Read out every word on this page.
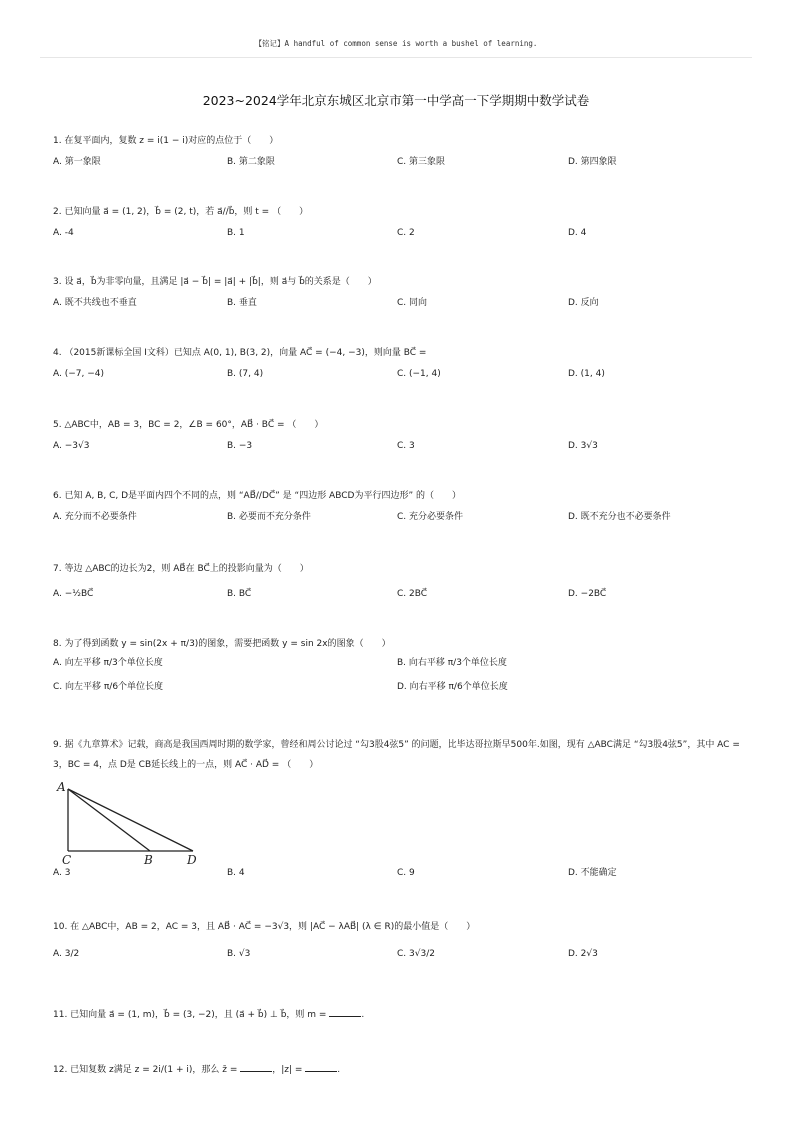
【铭记】A handful of common sense is worth a bushel of learning.
2023~2024学年北京东城区北京市第一中学高一下学期期中数学试卷
1. 在复平面内，复数 z = i(1 − i)对应的点位于（　　）
A. 第一象限	B. 第二象限	C. 第三象限	D. 第四象限
2. 已知向量 a⃗ = (1, 2)，b⃗ = (2, t)，若 a⃗//b⃗，则 t = （　　）
A. -4	B. 1	C. 2	D. 4
3. 设 a⃗，b⃗为非零向量，且满足 |a⃗ − b⃗| = |a⃗| + |b⃗|，则 a⃗与 b⃗的关系是（　　）
A. 既不共线也不垂直	B. 垂直	C. 同向	D. 反向
4. （2015新课标全国 Ⅰ文科）已知点 A(0, 1), B(3, 2)，向量 AC⃗ = (−4, −3)，则向量 BC⃗ =
A. (−7, −4)	B. (7, 4)	C. (−1, 4)	D. (1, 4)
5. △ABC中，AB = 3，BC = 2，∠B = 60°，AB⃗ · BC⃗ = （　　）
A. −3√3	B. −3	C. 3	D. 3√3
6. 已知 A, B, C, D是平面内四个不同的点，则 “AB⃗//DC⃗” 是 “四边形 ABCD为平行四边形” 的（　　）
A. 充分而不必要条件	B. 必要而不充分条件	C. 充分必要条件	D. 既不充分也不必要条件
7. 等边 △ABC的边长为2，则 AB⃗在 BC⃗上的投影向量为（　　）
A. −½BC⃗	B. BC⃗	C. 2BC⃗	D. −2BC⃗
8. 为了得到函数 y = sin(2x + π/3)的图象，需要把函数 y = sin 2x的图象（　　）
A. 向左平移 π/3个单位长度	B. 向右平移 π/3个单位长度
C. 向左平移 π/6个单位长度	D. 向右平移 π/6个单位长度
9. 据《九章算术》记载，商高是我国西周时期的数学家，曾经和周公讨论过 “勾3股4弦5” 的问题，比毕达哥拉斯早500年.如图，现有 △ABC满足 “勾3股4弦5”，其中 AC = 3，BC = 4，点 D是 CB延长线上的一点，则 AC⃗ · AD⃗ = （　　）
A
C	B	D
A. 3	B. 4	C. 9	D. 不能确定
10. 在 △ABC中，AB = 2，AC = 3，且 AB⃗ · AC⃗ = −3√3，则 |AC⃗ − λAB⃗| (λ ∈ R)的最小值是（　　）
A. 3/2	B. √3	C. 3√3/2	D. 2√3
11. 已知向量 a⃗ = (1, m)，b⃗ = (3, −2)，且 (a⃗ + b⃗) ⊥ b⃗，则 m =	.
12. 已知复数 z满足 z = 2i/(1 + i)，那么 z̄ =	，|z| =	.
